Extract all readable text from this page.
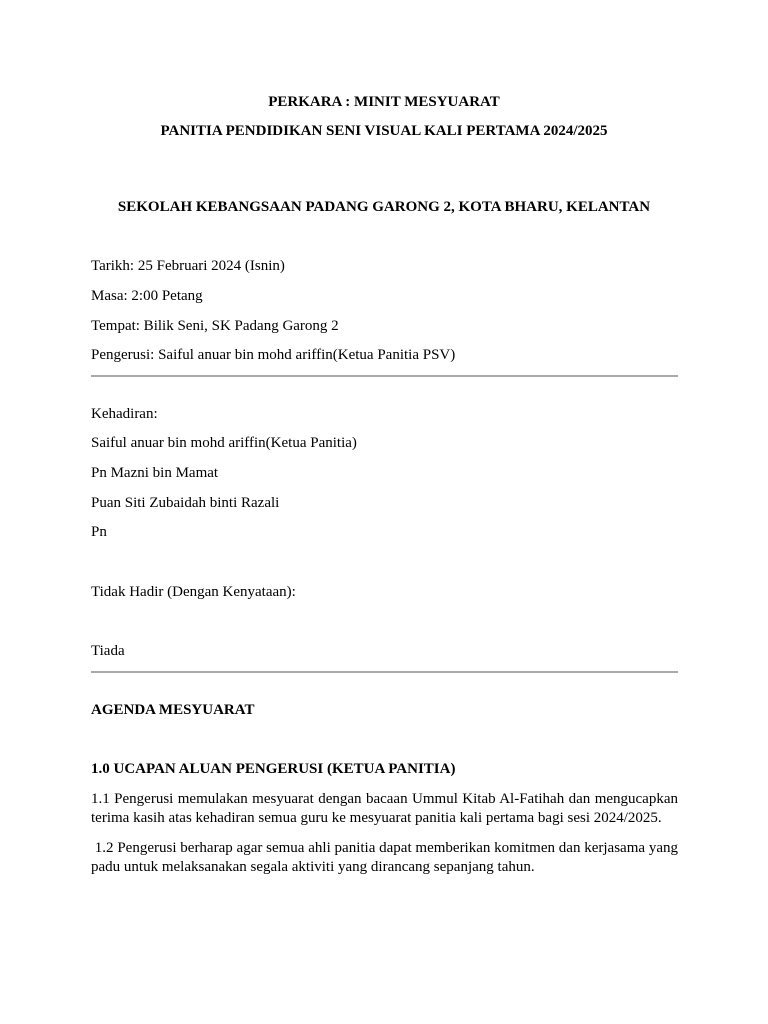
PERKARA : MINIT MESYUARAT
PANITIA PENDIDIKAN SENI VISUAL KALI PERTAMA 2024/2025
SEKOLAH KEBANGSAAN PADANG GARONG 2, KOTA BHARU, KELANTAN
Tarikh: 25 Februari 2024 (Isnin)
Masa: 2:00 Petang
Tempat: Bilik Seni, SK Padang Garong 2
Pengerusi: Saiful anuar bin mohd ariffin(Ketua Panitia PSV)
Kehadiran:
Saiful anuar bin mohd ariffin(Ketua Panitia)
Pn Mazni bin Mamat
Puan Siti Zubaidah binti Razali
Pn
Tidak Hadir (Dengan Kenyataan):
Tiada
AGENDA MESYUARAT
1.0 UCAPAN ALUAN PENGERUSI (KETUA PANITIA)
1.1 Pengerusi memulakan mesyuarat dengan bacaan Ummul Kitab Al-Fatihah dan mengucapkan terima kasih atas kehadiran semua guru ke mesyuarat panitia kali pertama bagi sesi 2024/2025.
1.2 Pengerusi berharap agar semua ahli panitia dapat memberikan komitmen dan kerjasama yang padu untuk melaksanakan segala aktiviti yang dirancang sepanjang tahun.
